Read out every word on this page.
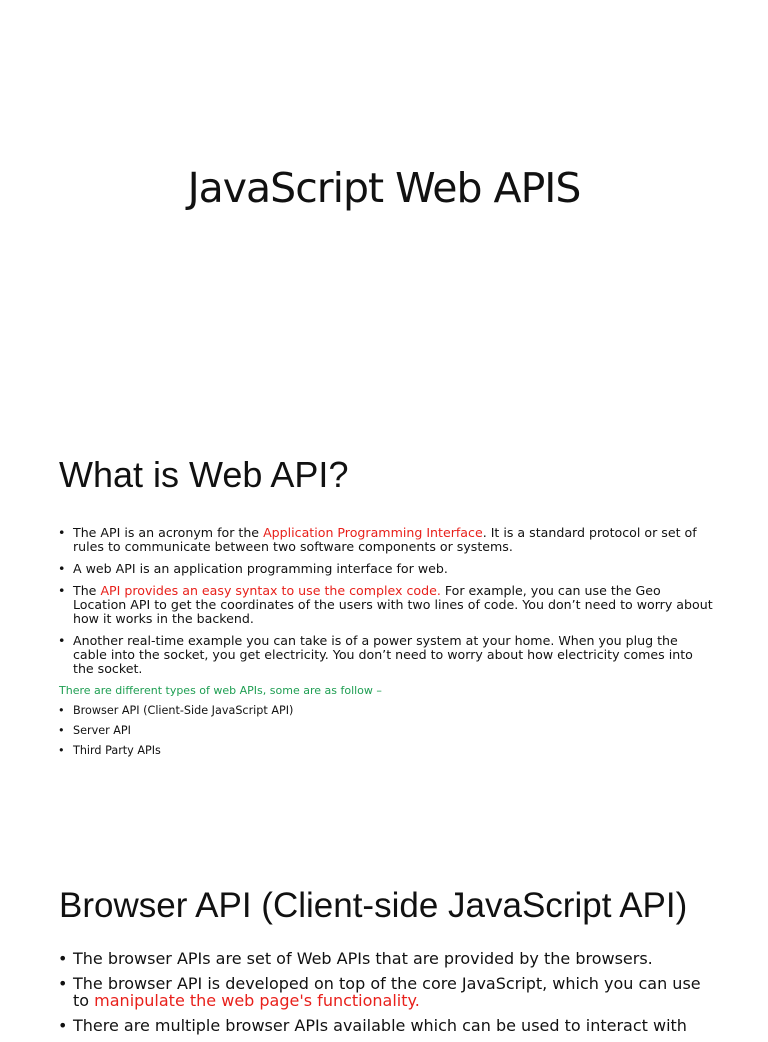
JavaScript Web APIS
What is Web API?
• The API is an acronym for the Application Programming Interface. It is a standard protocol or set of rules to communicate between two software components or systems.
• A web API is an application programming interface for web.
• The API provides an easy syntax to use the complex code. For example, you can use the Geo Location API to get the coordinates of the users with two lines of code. You don’t need to worry about how it works in the backend.
• Another real-time example you can take is of a power system at your home. When you plug the cable into the socket, you get electricity. You don’t need to worry about how electricity comes into the socket.

There are different types of web APIs, some are as follow –

• Browser API (Client-Side JavaScript API)
• Server API
• Third Party APIs
Browser API (Client-side JavaScript API)
• The browser APIs are set of Web APIs that are provided by the browsers.
• The browser API is developed on top of the core JavaScript, which you can use to manipulate the web page's functionality.
• There are multiple browser APIs available which can be used to interact with
